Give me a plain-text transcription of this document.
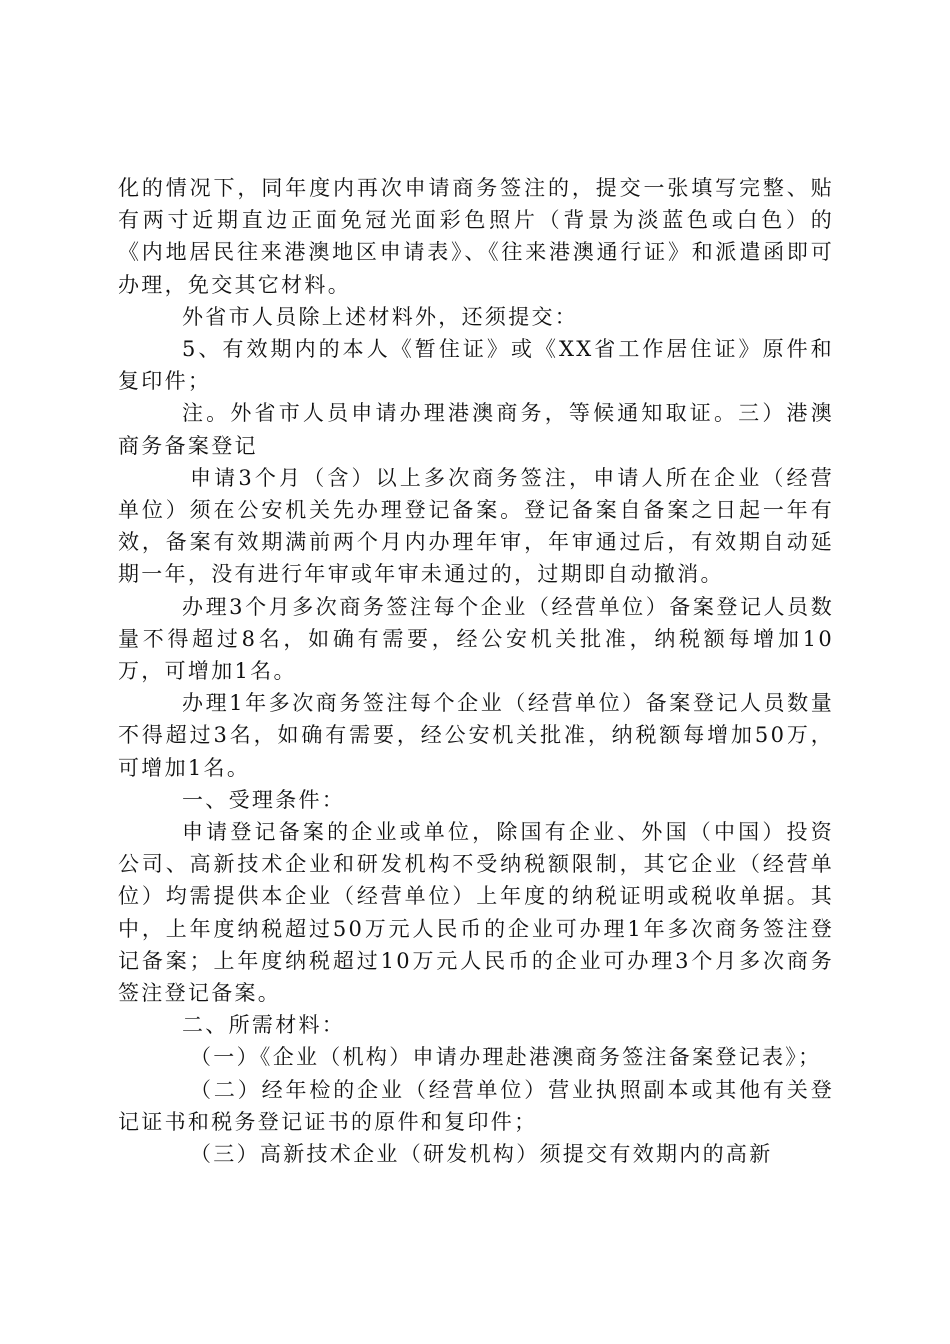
化的情况下，同年度内再次申请商务签注的，提交一张填写完整、贴有两寸近期直边正面免冠光面彩色照片（背景为淡蓝色或白色）的《内地居民往来港澳地区申请表》、《往来港澳通行证》和派遣函即可办理，免交其它材料。

外省市人员除上述材料外，还须提交：

5、有效期内的本人《暂住证》或《XX省工作居住证》原件和复印件；

注。外省市人员申请办理港澳商务，等候通知取证。三）港澳商务备案登记

申请3个月（含）以上多次商务签注，申请人所在企业（经营单位）须在公安机关先办理登记备案。登记备案自备案之日起一年有效，备案有效期满前两个月内办理年审，年审通过后，有效期自动延期一年，没有进行年审或年审未通过的，过期即自动撤消。

办理3个月多次商务签注每个企业（经营单位）备案登记人员数量不得超过8名，如确有需要，经公安机关批准，纳税额每增加10万，可增加1名。

办理1年多次商务签注每个企业（经营单位）备案登记人员数量不得超过3名，如确有需要，经公安机关批准，纳税额每增加50万，可增加1名。

一、受理条件：

申请登记备案的企业或单位，除国有企业、外国（中国）投资公司、高新技术企业和研发机构不受纳税额限制，其它企业（经营单位）均需提供本企业（经营单位）上年度的纳税证明或税收单据。其中，上年度纳税超过50万元人民币的企业可办理1年多次商务签注登记备案；上年度纳税超过10万元人民币的企业可办理3个月多次商务签注登记备案。

二、所需材料：

（一）《企业（机构）申请办理赴港澳商务签注备案登记表》；

（二）经年检的企业（经营单位）营业执照副本或其他有关登记证书和税务登记证书的原件和复印件；

（三）高新技术企业（研发机构）须提交有效期内的高新
